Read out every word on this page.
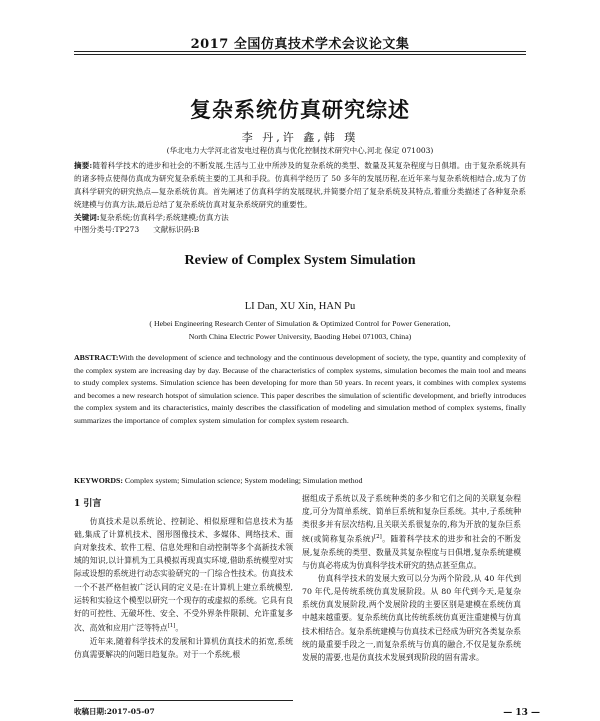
2017 全国仿真技术学术会议论文集
复杂系统仿真研究综述
李 丹,许 鑫,韩 璞
(华北电力大学河北省发电过程仿真与优化控制技术研究中心,河北 保定 071003)
摘要:随着科学技术的进步和社会的不断发展,生活与工业中所涉及的复杂系统的类型、数量及其复杂程度与日俱增。由于复杂系统具有的诸多特点使得仿真成为研究复杂系统主要的工具和手段。仿真科学经历了 50 多年的发展历程,在近年来与复杂系统相结合,成为了仿真科学研究的研究热点—复杂系统仿真。首先阐述了仿真科学的发展现状,并简要介绍了复杂系统及其特点,着重分类描述了各种复杂系统建模与仿真方法,最后总结了复杂系统仿真对复杂系统研究的重要性。
关键词:复杂系统;仿真科学;系统建模;仿真方法
中图分类号:TP273 文献标识码:B
Review of Complex System Simulation
LI Dan, XU Xin, HAN Pu
( Hebei Engineering Research Center of Simulation & Optimized Control for Power Generation,
North China Electric Power University, Baoding Hebei 071003, China)
ABSTRACT:With the development of science and technology and the continuous development of society, the type, quantity and complexity of the complex system are increasing day by day. Because of the characteristics of complex systems, simulation becomes the main tool and means to study complex systems. Simulation science has been developing for more than 50 years. In recent years, it combines with complex systems and becomes a new research hotspot of simulation science. This paper describes the simulation of scientific development, and briefly introduces the complex system and its characteristics, mainly describes the classification of modeling and simulation method of complex systems, finally summarizes the importance of complex system simulation for complex system research.
KEYWORDS: Complex system; Simulation science; System modeling; Simulation method
1 引言

仿真技术是以系统论、控制论、相似原理和信息技术为基础,集成了计算机技术、图形图像技术、多媒体、网络技术、面向对象技术、软件工程、信息处理和自动控制等多个高新技术领域的知识,以计算机为工具模拟再现真实环境,借助系统模型对实际或设想的系统进行动态实验研究的一门综合性技术。仿真技术一个不甚严格但被广泛认同的定义是:在计算机上建立系统模型,运转和实验这个模型以研究一个现存的或虚拟的系统。它具有良好的可控性、无破坏性、安全、不受外界条件限制、允许重复多次、高效和应用广泛等特点[1]。

近年来,随着科学技术的发展和计算机仿真技术的拓宽,系统仿真需要解决的问题日趋复杂。对于一个系统,根

据组成子系统以及子系统种类的多少和它们之间的关联复杂程度,可分为简单系统、简单巨系统和复杂巨系统。其中,子系统种类很多并有层次结构,且关联关系很复杂的,称为开放的复杂巨系统(或简称复杂系统)[2]。随着科学技术的进步和社会的不断发展,复杂系统的类型、数量及其复杂程度与日俱增,复杂系统建模与仿真必将成为仿真科学技术研究的热点甚至焦点。

仿真科学技术的发展大致可以分为两个阶段,从 40 年代到 70 年代,是传统系统仿真发展阶段。从 80 年代到今天,是复杂系统仿真发展阶段,两个发展阶段的主要区别是建模在系统仿真中越来越重要。复杂系统仿真比传统系统仿真更注重建模与仿真技术相结合。复杂系统建模与仿真技术已经成为研究各类复杂系统的最重要手段之一,而复杂系统与仿真的融合,不仅是复杂系统发展的需要,也是仿真技术发展到现阶段的固有需求。

收稿日期:2017-05-07	— 13 —
